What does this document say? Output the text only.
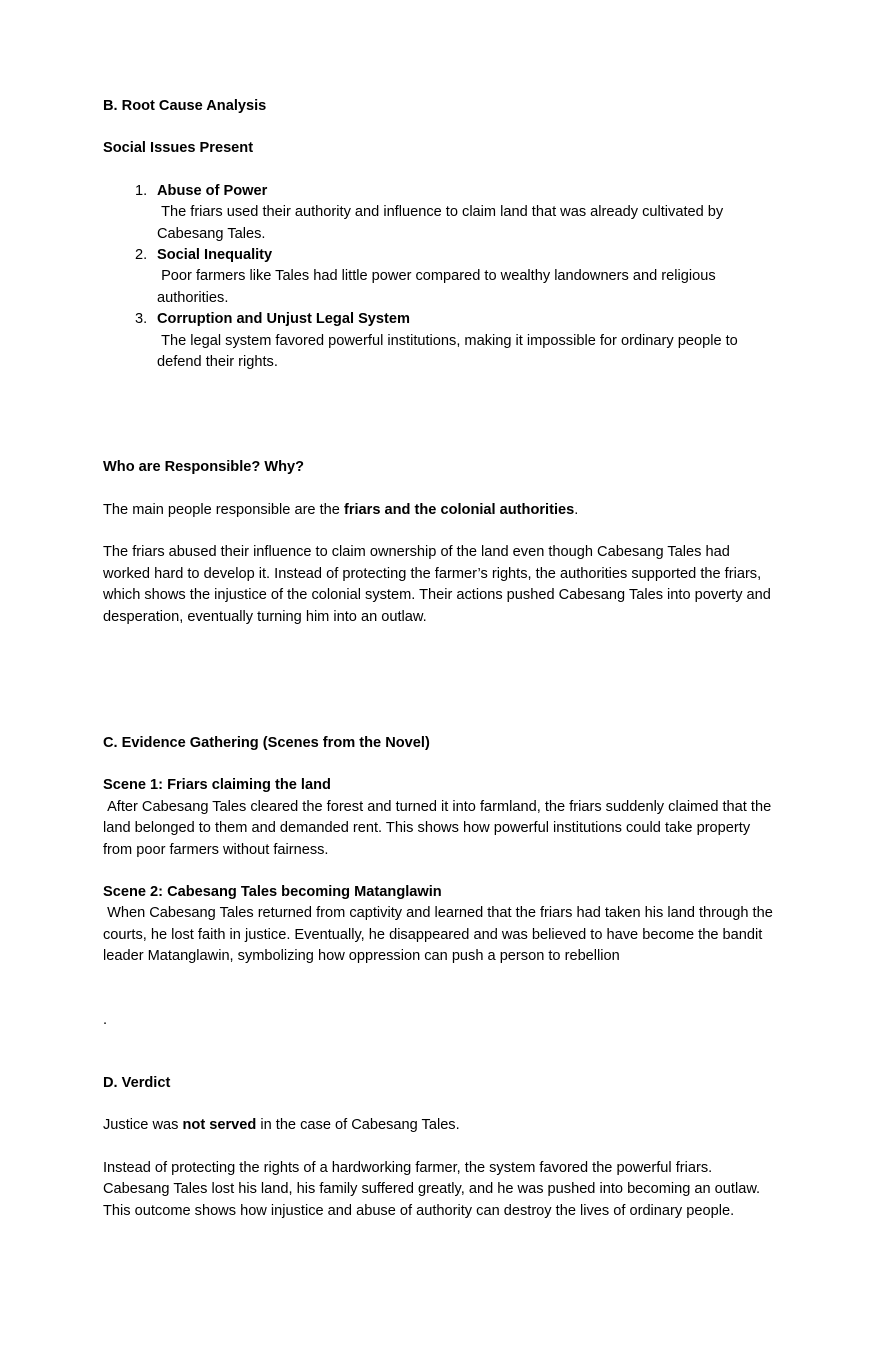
B. Root Cause Analysis
Social Issues Present
Abuse of Power
The friars used their authority and influence to claim land that was already cultivated by Cabesang Tales.
Social Inequality
Poor farmers like Tales had little power compared to wealthy landowners and religious authorities.
Corruption and Unjust Legal System
The legal system favored powerful institutions, making it impossible for ordinary people to defend their rights.
Who are Responsible? Why?

The main people responsible are the friars and the colonial authorities.

The friars abused their influence to claim ownership of the land even though Cabesang Tales had worked hard to develop it. Instead of protecting the farmer’s rights, the authorities supported the friars, which shows the injustice of the colonial system. Their actions pushed Cabesang Tales into poverty and desperation, eventually turning him into an outlaw.

C. Evidence Gathering (Scenes from the Novel)
Scene 1: Friars claiming the land

After Cabesang Tales cleared the forest and turned it into farmland, the friars suddenly claimed that the land belonged to them and demanded rent. This shows how powerful institutions could take property from poor farmers without fairness.

Scene 2: Cabesang Tales becoming Matanglawin

When Cabesang Tales returned from captivity and learned that the friars had taken his land through the courts, he lost faith in justice. Eventually, he disappeared and was believed to have become the bandit leader Matanglawin, symbolizing how oppression can push a person to rebellion

.

D. Verdict

Justice was not served in the case of Cabesang Tales.

Instead of protecting the rights of a hardworking farmer, the system favored the powerful friars. Cabesang Tales lost his land, his family suffered greatly, and he was pushed into becoming an outlaw. This outcome shows how injustice and abuse of authority can destroy the lives of ordinary people.
